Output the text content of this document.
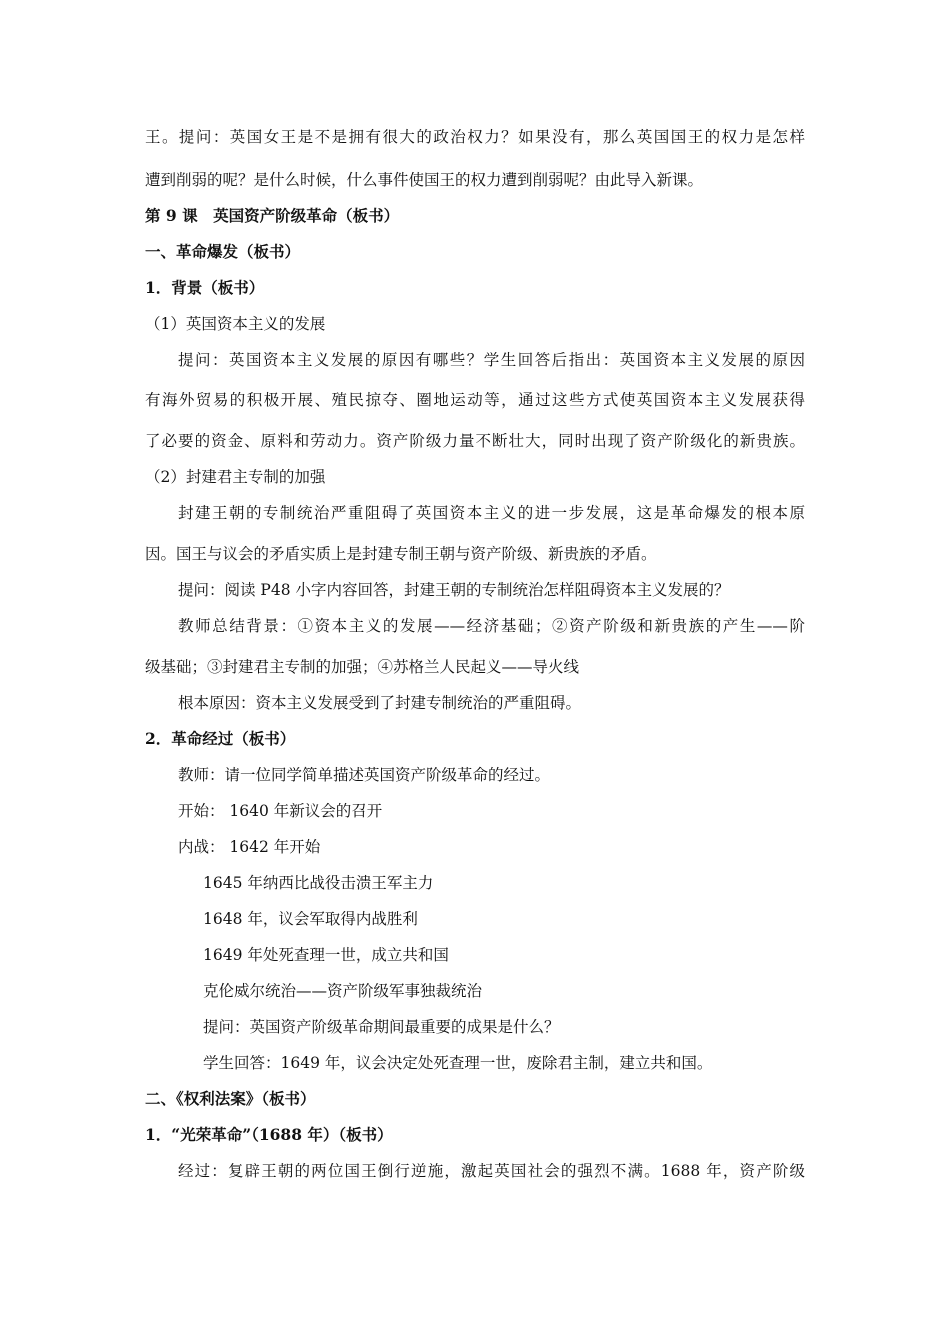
王。提问：英国女王是不是拥有很大的政治权力？如果没有，那么英国国王的权力是怎样
遭到削弱的呢？是什么时候，什么事件使国王的权力遭到削弱呢？由此导入新课。
第 9 课　英国资产阶级革命（板书）
一、革命爆发（板书）
1．背景（板书）
（1）英国资本主义的发展
提问：英国资本主义发展的原因有哪些？学生回答后指出：英国资本主义发展的原因
有海外贸易的积极开展、殖民掠夺、圈地运动等，通过这些方式使英国资本主义发展获得
了必要的资金、原料和劳动力。资产阶级力量不断壮大，同时出现了资产阶级化的新贵族。
（2）封建君主专制的加强
封建王朝的专制统治严重阻碍了英国资本主义的进一步发展，这是革命爆发的根本原
因。国王与议会的矛盾实质上是封建专制王朝与资产阶级、新贵族的矛盾。
提问：阅读 P48 小字内容回答，封建王朝的专制统治怎样阻碍资本主义发展的？
教师总结背景：①资本主义的发展——经济基础；②资产阶级和新贵族的产生——阶
级基础；③封建君主专制的加强；④苏格兰人民起义——导火线
根本原因：资本主义发展受到了封建专制统治的严重阻碍。
2．革命经过（板书）
教师：请一位同学简单描述英国资产阶级革命的经过。
开始： 1640 年新议会的召开
内战： 1642 年开始
1645 年纳西比战役击溃王军主力
1648 年，议会军取得内战胜利
1649 年处死查理一世，成立共和国
克伦威尔统治——资产阶级军事独裁统治
提问：英国资产阶级革命期间最重要的成果是什么？
学生回答：1649 年，议会决定处死查理一世，废除君主制，建立共和国。
二、《权利法案》（板书）
1．“光荣革命”（1688 年）（板书）
经过：复辟王朝的两位国王倒行逆施，激起英国社会的强烈不满。1688 年，资产阶级
